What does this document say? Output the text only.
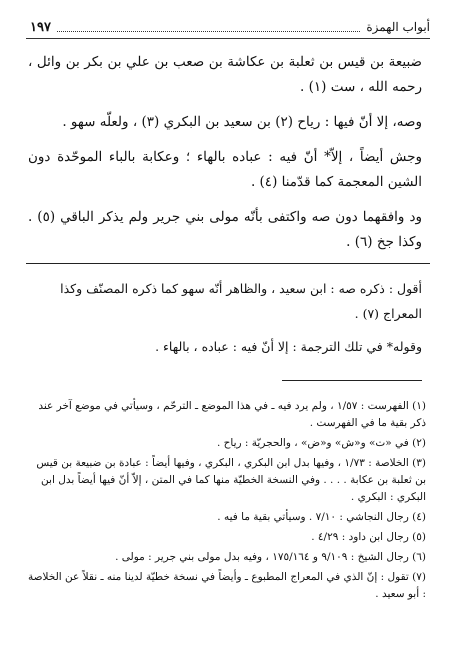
أبواب الهمزة
١٩٧

ضبيعة بن قيس بن ثعلبة بن عكاشة بن صعب بن علي بن بكر بن وائل ، رحمه الله ، ست (١) .

وصه، إلا أنّ فيها : رياح (٢) بن سعيد بن البكري (٣) ، ولعلّه سهو .

وجش أيضاً ، إلاّ* أنّ فيه : عباده بالهاء ؛ وعكابة بالباء الموحّدة دون الشين المعجمة كما قدّمنا (٤) .

ود وافقهما دون صه واكتفى بأنّه مولى بني جرير ولم يذكر الباقي (٥) . وكذا جخ (٦) .

أقول : ذكره صه : ابن سعيد ، والظاهر أنّه سهو كما ذكره المصنّف وكذا المعراج (٧) .

وقوله* في تلك الترجمة : إلا أنّ فيه : عباده ، بالهاء .

(١) الفهرست : ١/٥٧ ، ولم يرد فيه ـ في هذا الموضع ـ الترحّم ، وسيأتي في موضع آخر عند ذكر بقية ما في الفهرست .
(٢) في «ت» و«ش» و«ض» ، والحجريّة : رياح .
(٣) الخلاصة : ١/٧٣ ، وفيها بدل ابن البكري ، البكري ، وفيها أيضاً : عبادة بن ضبيعة بن قيس بن ثعلبة بن عكابة . . . . وفي النسخة الخطيّة منها كما في المتن ، إلاّ أنّ فيها أيضاً بدل ابن البكري : البكري .
(٤) رجال النجاشي : ٧/١٠ . وسيأتي بقية ما فيه .
(٥) رجال ابن داود : ٤/٢٩ .
(٦) رجال الشيخ : ٩/١٠٩ و ١٧٥/١٦٤ ، وفيه بدل مولى بني جرير : مولى .
(٧) تقول : إنّ الذي في المعراج المطبوع ـ وأيضاً في نسخة خطيّة لدينا منه ـ نقلاً عن الخلاصة : أبو سعيد .
